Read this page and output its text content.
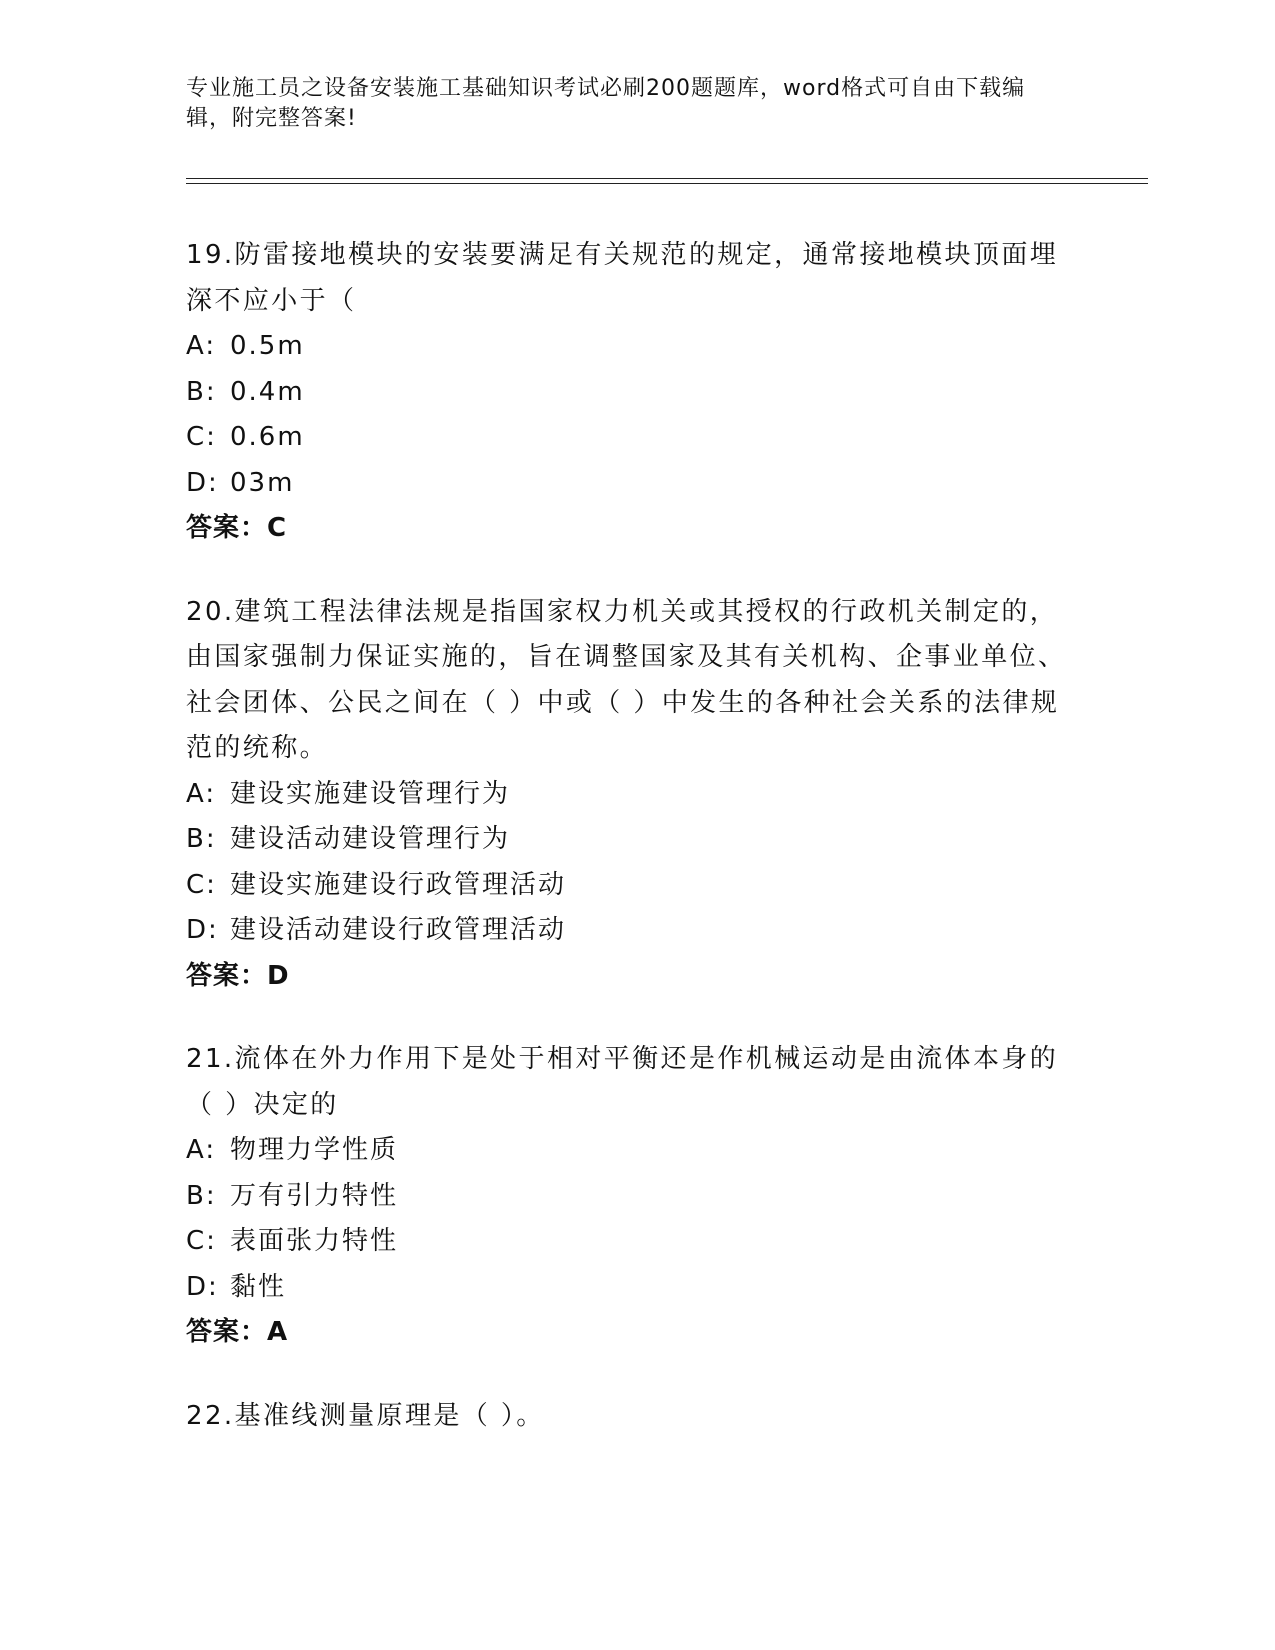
专业施工员之设备安装施工基础知识考试必刷200题题库，word格式可自由下载编辑，附完整答案!
19.防雷接地模块的安装要满足有关规范的规定，通常接地模块顶面埋深不应小于（
A: 0.5m
B: 0.4m
C: 0.6m
D: 03m
答案：C
20.建筑工程法律法规是指国家权力机关或其授权的行政机关制定的，由国家强制力保证实施的，旨在调整国家及其有关机构、企事业单位、社会团体、公民之间在（ ）中或（ ）中发生的各种社会关系的法律规范的统称。
A: 建设实施建设管理行为
B: 建设活动建设管理行为
C: 建设实施建设行政管理活动
D: 建设活动建设行政管理活动
答案：D
21.流体在外力作用下是处于相对平衡还是作机械运动是由流体本身的（ ）决定的
A: 物理力学性质
B: 万有引力特性
C: 表面张力特性
D: 黏性
答案：A
22.基准线测量原理是（ ）。
